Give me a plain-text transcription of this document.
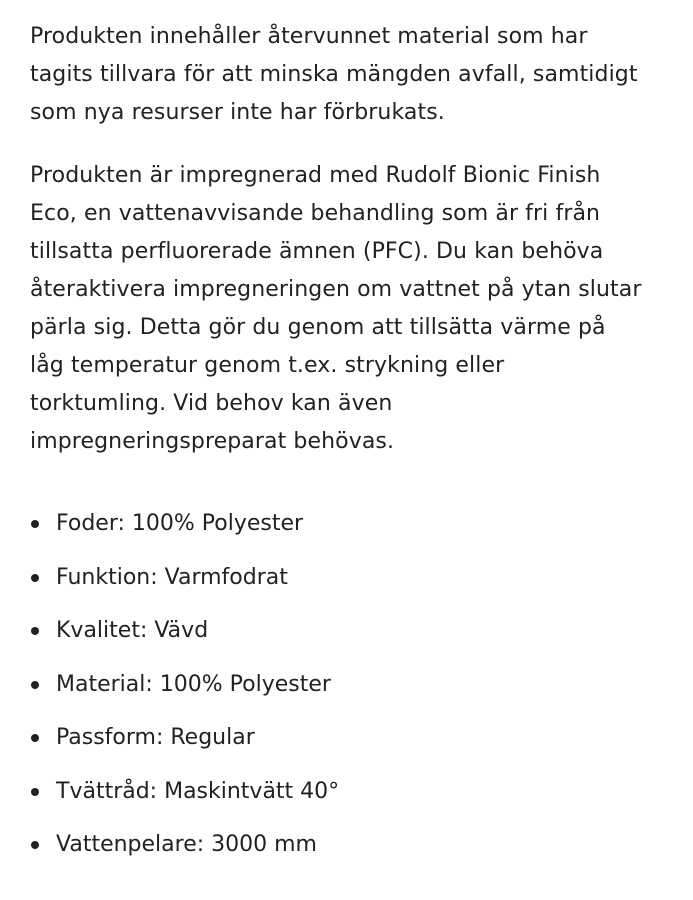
Produkten innehåller återvunnet material som har
tagits tillvara för att minska mängden avfall, samtidigt
som nya resurser inte har förbrukats.

Produkten är impregnerad med Rudolf Bionic Finish
Eco, en vattenavvisande behandling som är fri från
tillsatta perfluorerade ämnen (PFC). Du kan behöva
återaktivera impregneringen om vattnet på ytan slutar
pärla sig. Detta gör du genom att tillsätta värme på
låg temperatur genom t.ex. strykning eller
torktumling. Vid behov kan även
impregneringspreparat behövas.

Foder: 100% Polyester
Funktion: Varmfodrat
Kvalitet: Vävd
Material: 100% Polyester
Passform: Regular
Tvättråd: Maskintvätt 40°
Vattenpelare: 3000 mm
